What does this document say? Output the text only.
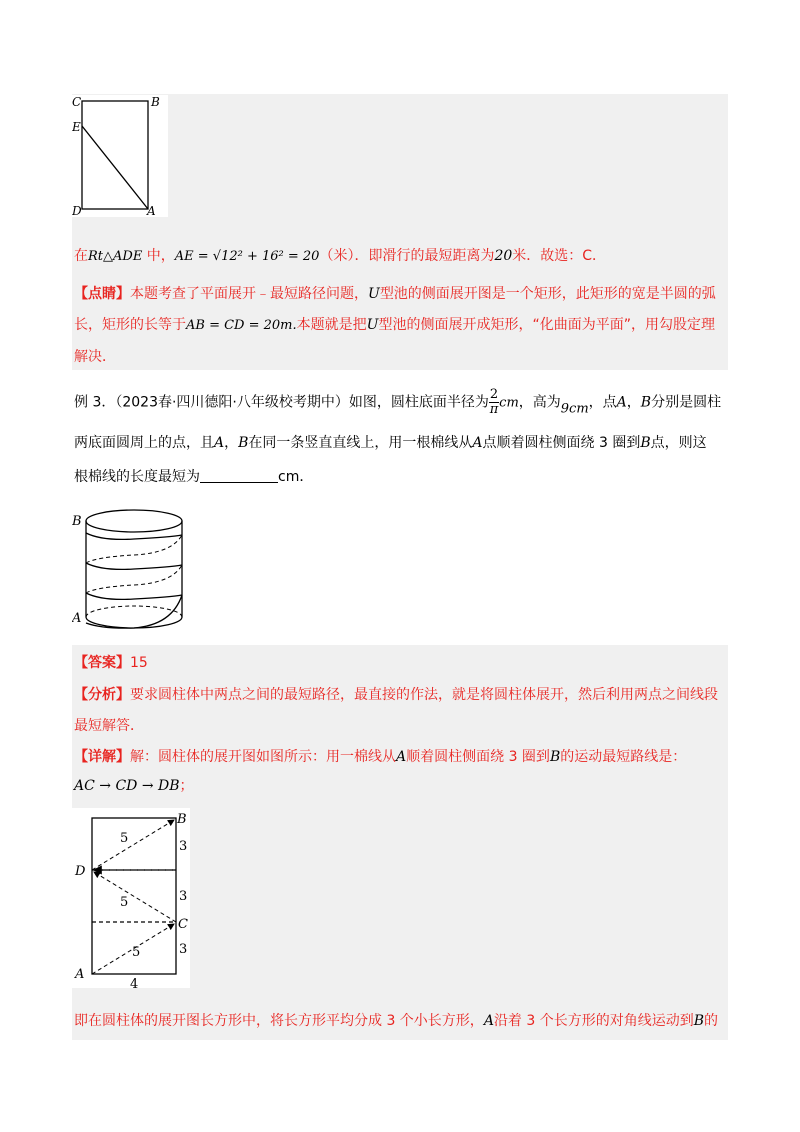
C	B
E
D	A
在Rt△ADE 中，AE = √12² + 16² = 20（米）．即滑行的最短距离为20米．故选：C．
【点睛】本题考查了平面展开﹣最短路径问题，U型池的侧面展开图是一个矩形，此矩形的宽是半圆的弧
长，矩形的长等于AB = CD = 20m.本题就是把U型池的侧面展开成矩形，“化曲面为平面”，用勾股定理
解决．
例 3．（2023春·四川德阳·八年级校考期中）如图，圆柱底面半径为 $\frac{2}{\pi}$ cm，高为9cm，点A，B分别是圆柱
两底面圆周上的点，且A，B在同一条竖直直线上，用一根棉线从A点顺着圆柱侧面绕 3 圈到B点，则这
根棉线的长度最短为	cm．
B
A
【答案】15
【分析】要求圆柱体中两点之间的最短路径，最直接的作法，就是将圆柱体展开，然后利用两点之间线段
最短解答．
【详解】解：圆柱体的展开图如图所示：用一棉线从A顺着圆柱侧面绕 3 圈到B的运动最短路线是：
AC → CD → DB；
B
D
C
A
5
5
5
3
3
3
4
即在圆柱体的展开图长方形中，将长方形平均分成 3 个小长方形，A沿着 3 个长方形的对角线运动到B的
